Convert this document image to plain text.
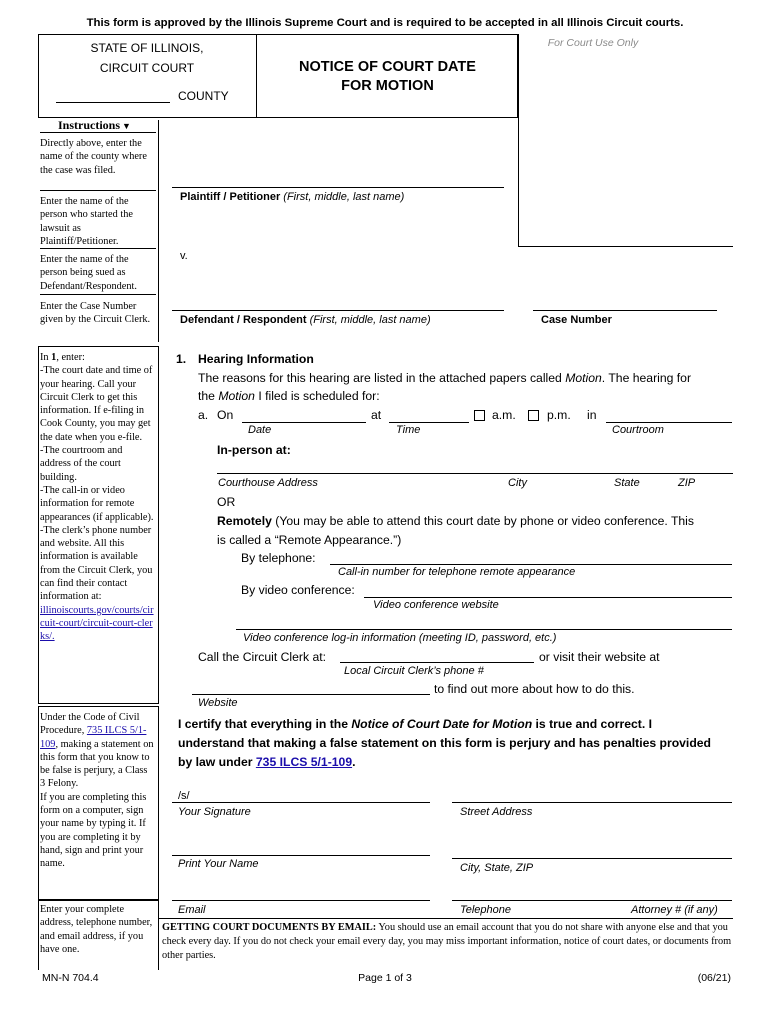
This form is approved by the Illinois Supreme Court and is required to be accepted in all Illinois Circuit courts.
For Court Use Only
STATE OF ILLINOIS,
CIRCUIT COURT
COUNTY
NOTICE OF COURT DATE
FOR MOTION
Instructions ▼
Directly above, enter the name of the county where the case was filed.
Enter the name of the person who started the lawsuit as Plaintiff/Petitioner.
Enter the name of the person being sued as Defendant/Respondent.
Enter the Case Number given by the Circuit Clerk.
In 1, enter:
-The court date and time of your hearing. Call your Circuit Clerk to get this information. If e-filing in Cook County, you may get the date when you e-file.
-The courtroom and address of the court building.
-The call-in or video information for remote appearances (if applicable).
-The clerk’s phone number and website. All this information is available from the Circuit Clerk, you can find their contact information at:
illinoiscourts.gov/courts/circuit-court/circuit-court-clerks/.
Under the Code of Civil Procedure, 735 ILCS 5/1-109, making a statement on this form that you know to be false is perjury, a Class 3 Felony.
If you are completing this form on a computer, sign your name by typing it. If you are completing it by hand, sign and print your name.
Enter your complete address, telephone number, and email address, if you have one.
Plaintiff / Petitioner (First, middle, last name)
v.
Defendant / Respondent (First, middle, last name)	Case Number
1. Hearing Information
The reasons for this hearing are listed in the attached papers called Motion. The hearing for
the Motion I filed is scheduled for:
a. On	at	a.m.	p.m. in
Date	Time	Courtroom
In-person at:
Courthouse Address	City	State	ZIP
OR
Remotely (You may be able to attend this court date by phone or video conference. This
is called a “Remote Appearance.”)
By telephone:
Call-in number for telephone remote appearance
By video conference:
Video conference website
Video conference log-in information (meeting ID, password, etc.)
Call the Circuit Clerk at:	or visit their website at
Local Circuit Clerk’s phone #
to find out more about how to do this.
Website
I certify that everything in the Notice of Court Date for Motion is true and correct. I
understand that making a false statement on this form is perjury and has penalties provided
by law under 735 ILCS 5/1-109.
/s/
Your Signature	Street Address
Print Your Name	City, State, ZIP
Email	Telephone	Attorney # (if any)
GETTING COURT DOCUMENTS BY EMAIL: You should use an email account that you do not share with anyone else and that you check every day. If you do not check your email every day, you may miss important information, notice of court dates, or documents from other parties.
MN-N 704.4	Page 1 of 3	(06/21)
